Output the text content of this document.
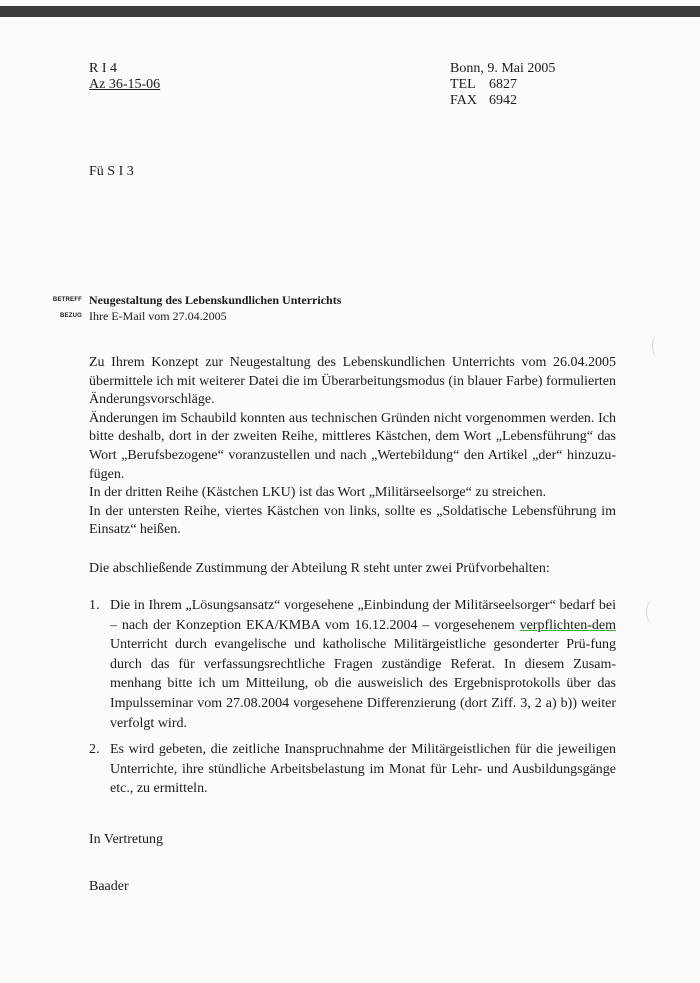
R I 4
Az 36-15-06
Bonn, 9. Mai 2005
TEL 6827
FAX 6942
Fü S I 3
BETREFF Neugestaltung des Lebenskundlichen Unterrichts
BEZUG Ihre E-Mail vom 27.04.2005

Zu Ihrem Konzept zur Neugestaltung des Lebenskundlichen Unterrichts vom 26.04.2005 übermittele ich mit weiterer Datei die im Überarbeitungsmodus (in blauer Farbe) formulierten Änderungsvorschläge.

Änderungen im Schaubild konnten aus technischen Gründen nicht vorgenommen werden. Ich bitte deshalb, dort in der zweiten Reihe, mittleres Kästchen, dem Wort „Lebensführung“ das Wort „Berufsbezogene“ voranzustellen und nach „Wertebildung“ den Artikel „der“ hinzuzu-fügen.

In der dritten Reihe (Kästchen LKU) ist das Wort „Militärseelsorge“ zu streichen.

In der untersten Reihe, viertes Kästchen von links, sollte es „Soldatische Lebensführung im Einsatz“ heißen.

Die abschließende Zustimmung der Abteilung R steht unter zwei Prüfvorbehalten:
1. Die in Ihrem „Lösungsansatz“ vorgesehene „Einbindung der Militärseelsorger“ bedarf bei – nach der Konzeption EKA/KMBA vom 16.12.2004 – vorgesehenem verpflichten-dem Unterricht durch evangelische und katholische Militärgeistliche gesonderter Prü-fung durch das für verfassungsrechtliche Fragen zuständige Referat. In diesem Zusam-menhang bitte ich um Mitteilung, ob die ausweislich des Ergebnisprotokolls über das Impulsseminar vom 27.08.2004 vorgesehene Differenzierung (dort Ziff. 3, 2 a) b)) weiter verfolgt wird.
2. Es wird gebeten, die zeitliche Inanspruchnahme der Militärgeistlichen für die jeweiligen Unterrichte, ihre stündliche Arbeitsbelastung im Monat für Lehr- und Ausbildungsgänge etc., zu ermitteln.
In Vertretung
Baader
